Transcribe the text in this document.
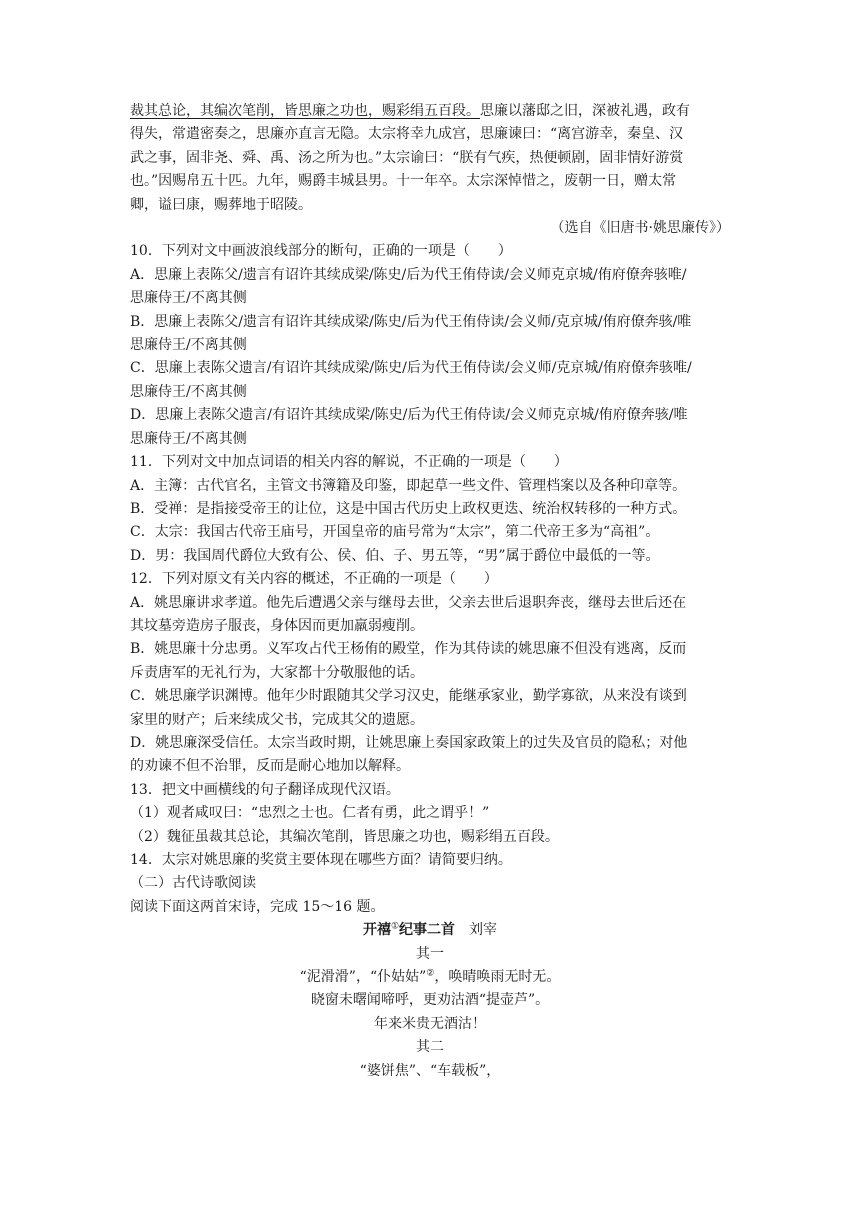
裁其总论，其编次笔削，皆思廉之功也，赐彩绢五百段。思廉以藩邸之旧，深被礼遇，政有
得失，常遣密奏之，思廉亦直言无隐。太宗将幸九成宫，思廉谏曰：“离宫游幸，秦皇、汉
武之事，固非尧、舜、禹、汤之所为也。”太宗谕曰：“朕有气疾，热便顿剧，固非情好游赏
也。”因赐帛五十匹。九年，赐爵丰城县男。十一年卒。太宗深悼惜之，废朝一日，赠太常
卿，谥曰康，赐葬地于昭陵。
（选自《旧唐书·姚思廉传》）
10．下列对文中画波浪线部分的断句，正确的一项是（　　）
A．思廉上表陈父/遗言有诏许其续成梁/陈史/后为代王侑侍读/会义师克京城/侑府僚奔骇唯/
思廉侍王/不离其侧
B．思廉上表陈父/遗言有诏许其续成梁/陈史/后为代王侑侍读/会义师/克京城/侑府僚奔骇/唯
思廉侍王/不离其侧
C．思廉上表陈父遗言/有诏许其续成梁/陈史/后为代王侑侍读/会义师/克京城/侑府僚奔骇唯/
思廉侍王/不离其侧
D．思廉上表陈父遗言/有诏许其续成梁/陈史/后为代王侑侍读/会义师克京城/侑府僚奔骇/唯
思廉侍王/不离其侧
11．下列对文中加点词语的相关内容的解说，不正确的一项是（　　）
A．主簿：古代官名，主管文书簿籍及印鉴，即起草一些文件、管理档案以及各种印章等。
B．受禅：是指接受帝王的让位，这是中国古代历史上政权更迭、统治权转移的一种方式。
C．太宗：我国古代帝王庙号，开国皇帝的庙号常为“太宗”，第二代帝王多为“高祖”。
D．男：我国周代爵位大致有公、侯、伯、子、男五等，“男”属于爵位中最低的一等。
12．下列对原文有关内容的概述，不正确的一项是（　　）
A．姚思廉讲求孝道。他先后遭遇父亲与继母去世，父亲去世后退职奔丧，继母去世后还在
其坟墓旁造房子服丧，身体因而更加羸弱瘦削。
B．姚思廉十分忠勇。义军攻占代王杨侑的殿堂，作为其侍读的姚思廉不但没有逃离，反而
斥责唐军的无礼行为，大家都十分敬服他的话。
C．姚思廉学识渊博。他年少时跟随其父学习汉史，能继承家业，勤学寡欲，从来没有谈到
家里的财产；后来续成父书，完成其父的遗愿。
D．姚思廉深受信任。太宗当政时期，让姚思廉上奏国家政策上的过失及官员的隐私；对他
的劝谏不但不治罪，反而是耐心地加以解释。
13．把文中画横线的句子翻译成现代汉语。
（1）观者咸叹曰：“忠烈之士也。仁者有勇，此之谓乎！”
（2）魏征虽裁其总论，其编次笔削，皆思廉之功也，赐彩绢五百段。
14．太宗对姚思廉的奖赏主要体现在哪些方面？请简要归纳。
（二）古代诗歌阅读
阅读下面这两首宋诗，完成 15～16 题。
开禧①纪事二首　 刘宰
其一
“泥滑滑”，“仆姑姑”②，唤晴唤雨无时无。
晓窗未曙闻啼呼，更劝沽酒“提壶芦”。
年来米贵无酒沽！
其二
“婆饼焦”、“车载板”，
